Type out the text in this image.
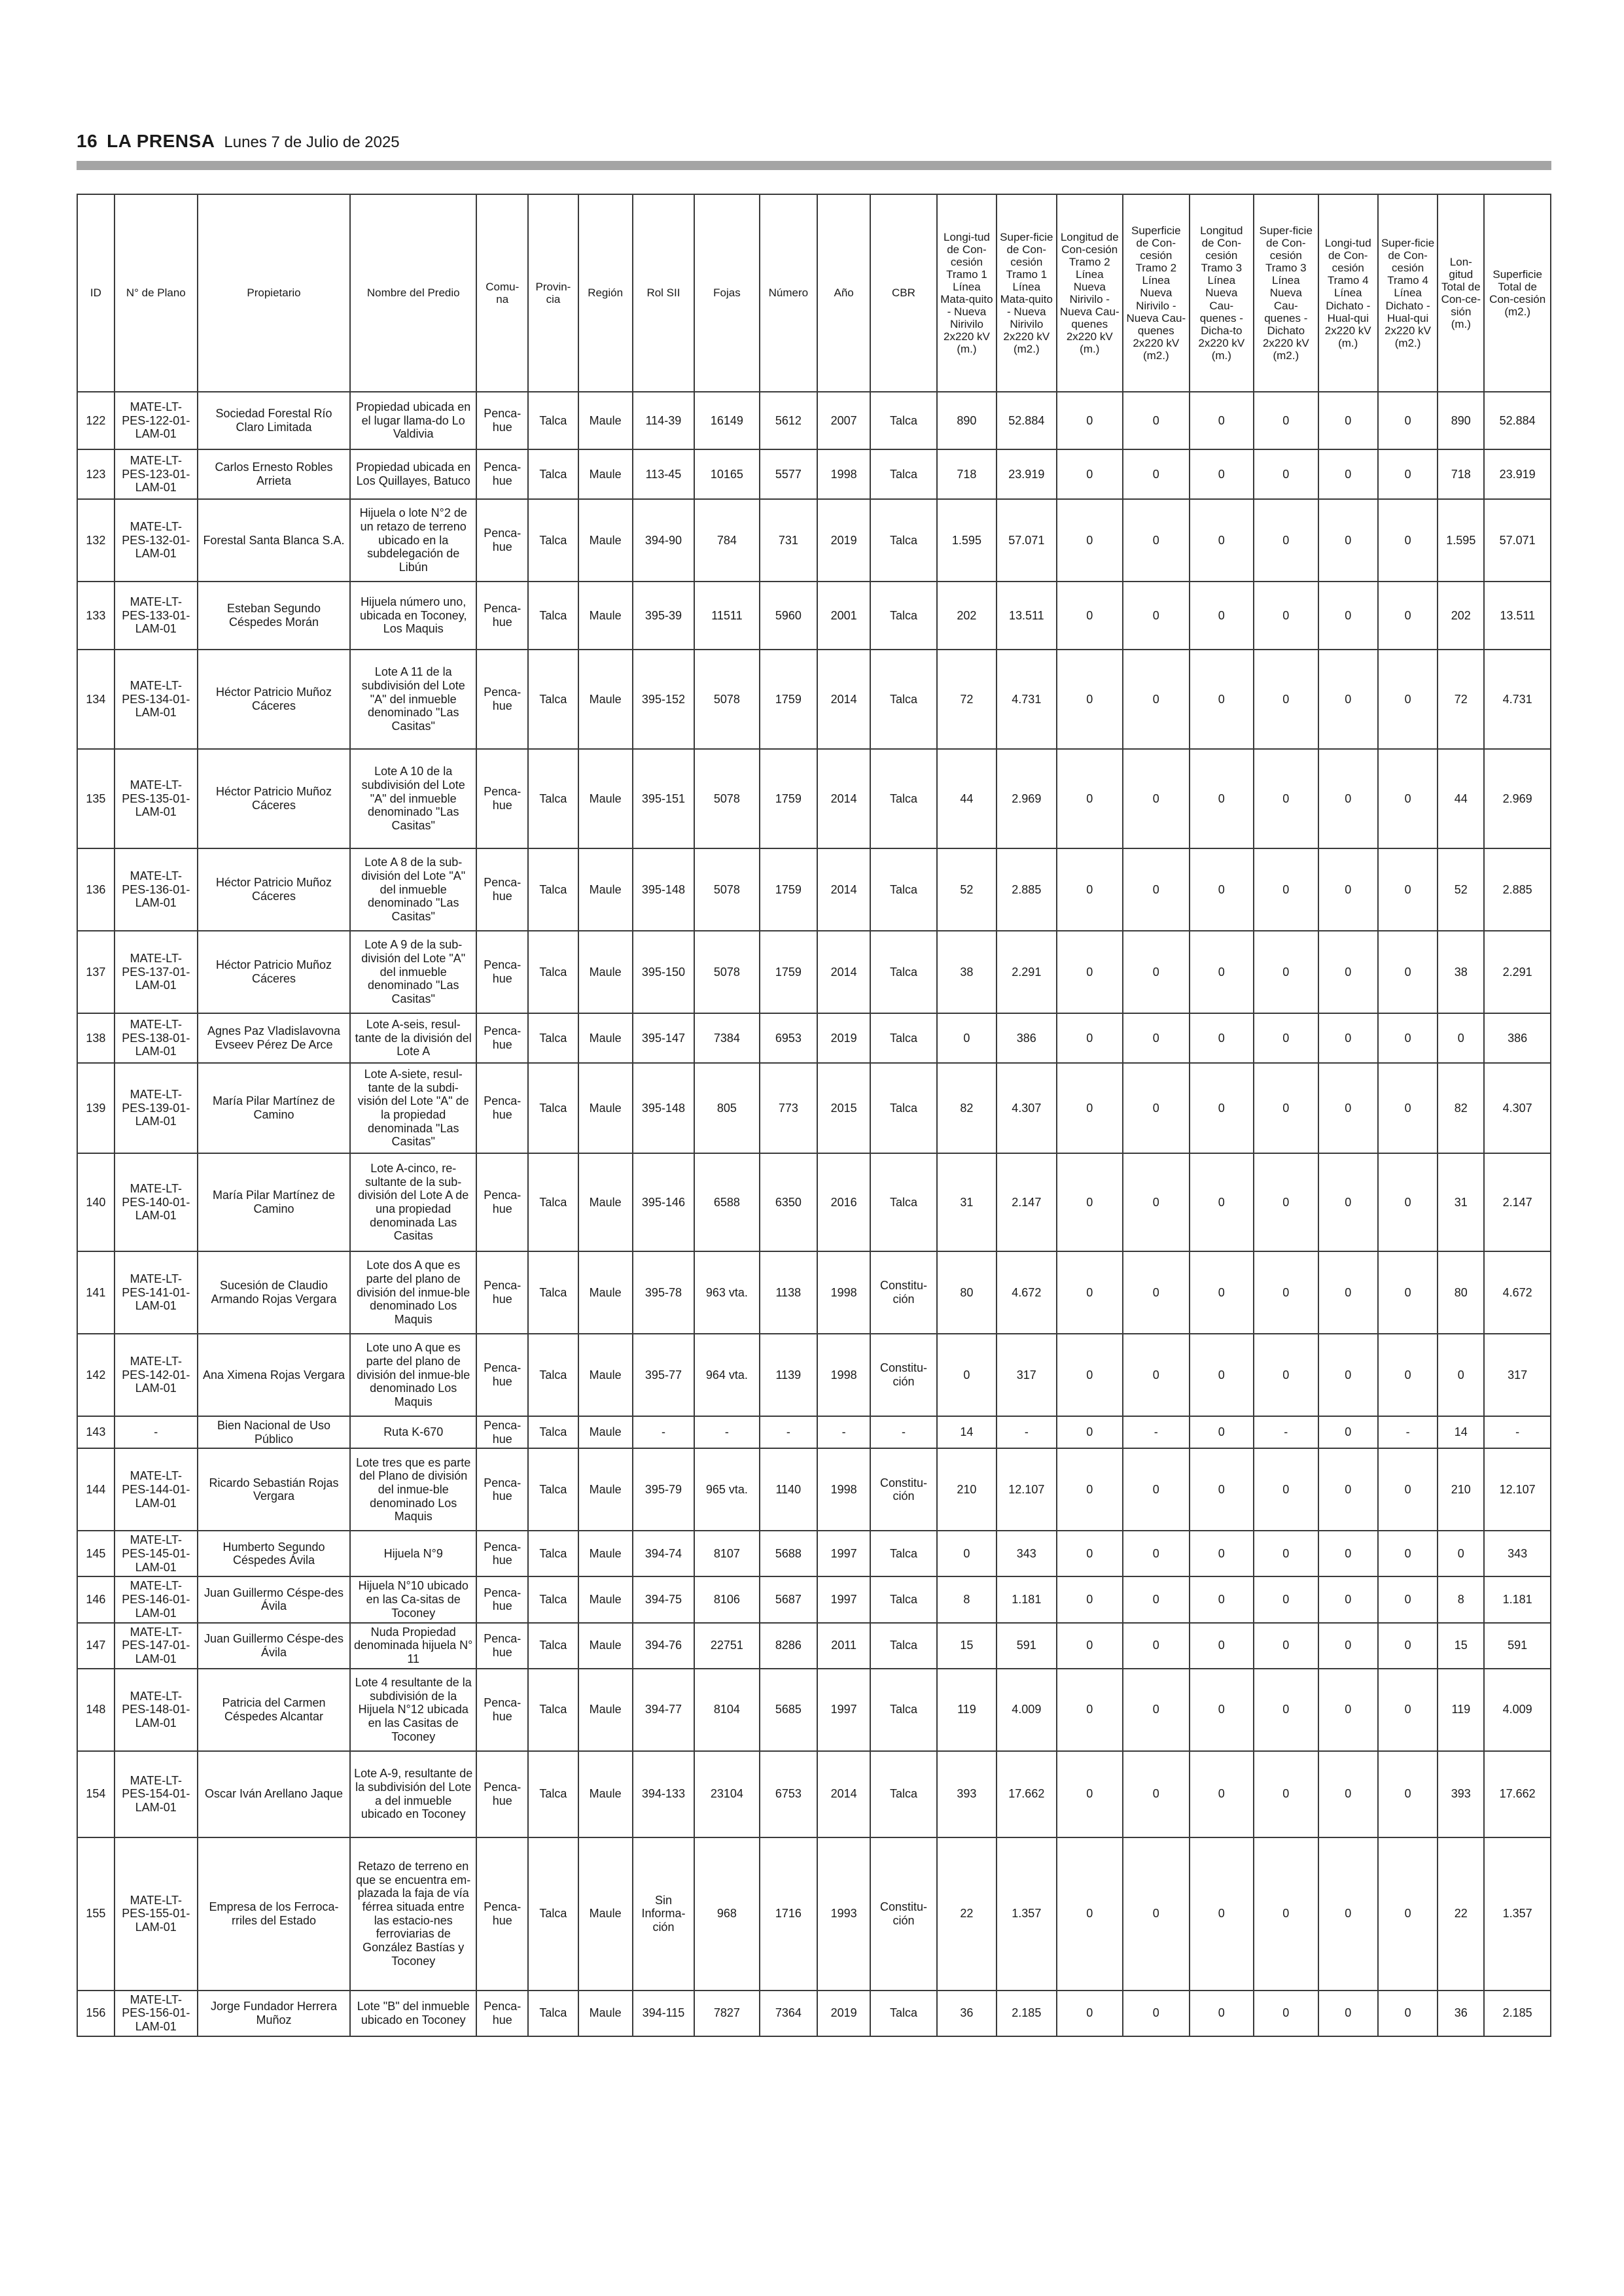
16 LA PRENSA Lunes 7 de Julio de 2025
ID	N° de Plano	Propietario	Nombre del Predio	Comu-na	Provin-cia	Región	Rol SII	Fojas	Número	Año	CBR	Longi-tud de Con-cesión Tramo 1 Línea Mata-quito - Nueva Nirivilo 2x220 kV (m.)	Super-ficie de Con-cesión Tramo 1 Línea Mata-quito - Nueva Nirivilo 2x220 kV (m2.)	Longitud de Con-cesión Tramo 2 Línea Nueva Nirivilo - Nueva Cau-quenes 2x220 kV (m.)	Superficie de Con-cesión Tramo 2 Línea Nueva Nirivilo - Nueva Cau-quenes 2x220 kV (m2.)	Longitud de Con-cesión Tramo 3 Línea Nueva Cau-quenes - Dicha-to 2x220 kV (m.)	Super-ficie de Con-cesión Tramo 3 Línea Nueva Cau-quenes - Dichato 2x220 kV (m2.)	Longi-tud de Con-cesión Tramo 4 Línea Dichato - Hual-qui 2x220 kV (m.)	Super-ficie de Con-cesión Tramo 4 Línea Dichato - Hual-qui 2x220 kV (m2.)	Lon-gitud Total de Con-ce-sión (m.)	Superficie Total de Con-cesión (m2.)
122	MATE-LT-PES-122-01-LAM-01	Sociedad Forestal Río Claro Limitada	Propiedad ubicada en el lugar llama-do Lo Valdivia	Penca-hue	Talca	Maule	114-39	16149	5612	2007	Talca	890	52.884	0	0	0	0	0	0	890	52.884
123	MATE-LT-PES-123-01-LAM-01	Carlos Ernesto Robles Arrieta	Propiedad ubicada en Los Quillayes, Batuco	Penca-hue	Talca	Maule	113-45	10165	5577	1998	Talca	718	23.919	0	0	0	0	0	0	718	23.919
132	MATE-LT-PES-132-01-LAM-01	Forestal Santa Blanca S.A.	Hijuela o lote N°2 de un retazo de terreno ubicado en la subdelegación de Libún	Penca-hue	Talca	Maule	394-90	784	731	2019	Talca	1.595	57.071	0	0	0	0	0	0	1.595	57.071
133	MATE-LT-PES-133-01-LAM-01	Esteban Segundo Céspedes Morán	Hijuela número uno, ubicada en Toconey, Los Maquis	Penca-hue	Talca	Maule	395-39	11511	5960	2001	Talca	202	13.511	0	0	0	0	0	0	202	13.511
134	MATE-LT-PES-134-01-LAM-01	Héctor Patricio Muñoz Cáceres	Lote A 11 de la subdivisión del Lote "A" del inmueble denominado "Las Casitas"	Penca-hue	Talca	Maule	395-152	5078	1759	2014	Talca	72	4.731	0	0	0	0	0	0	72	4.731
135	MATE-LT-PES-135-01-LAM-01	Héctor Patricio Muñoz Cáceres	Lote A 10 de la subdivisión del Lote "A" del inmueble denominado "Las Casitas"	Penca-hue	Talca	Maule	395-151	5078	1759	2014	Talca	44	2.969	0	0	0	0	0	0	44	2.969
136	MATE-LT-PES-136-01-LAM-01	Héctor Patricio Muñoz Cáceres	Lote A 8 de la sub-división del Lote "A" del inmueble denominado "Las Casitas"	Penca-hue	Talca	Maule	395-148	5078	1759	2014	Talca	52	2.885	0	0	0	0	0	0	52	2.885
137	MATE-LT-PES-137-01-LAM-01	Héctor Patricio Muñoz Cáceres	Lote A 9 de la sub-división del Lote "A" del inmueble denominado "Las Casitas"	Penca-hue	Talca	Maule	395-150	5078	1759	2014	Talca	38	2.291	0	0	0	0	0	0	38	2.291
138	MATE-LT-PES-138-01-LAM-01	Agnes Paz Vladislavovna Evseev Pérez De Arce	Lote A-seis, resul-tante de la división del Lote A	Penca-hue	Talca	Maule	395-147	7384	6953	2019	Talca	0	386	0	0	0	0	0	0	0	386
139	MATE-LT-PES-139-01-LAM-01	María Pilar Martínez de Camino	Lote A-siete, resul-tante de la subdi-visión del Lote "A" de la propiedad denominada "Las Casitas"	Penca-hue	Talca	Maule	395-148	805	773	2015	Talca	82	4.307	0	0	0	0	0	0	82	4.307
140	MATE-LT-PES-140-01-LAM-01	María Pilar Martínez de Camino	Lote A-cinco, re-sultante de la sub-división del Lote A de una propiedad denominada Las Casitas	Penca-hue	Talca	Maule	395-146	6588	6350	2016	Talca	31	2.147	0	0	0	0	0	0	31	2.147
141	MATE-LT-PES-141-01-LAM-01	Sucesión de Claudio Armando Rojas Vergara	Lote dos A que es parte del plano de división del inmue-ble denominado Los Maquis	Penca-hue	Talca	Maule	395-78	963 vta.	1138	1998	Constitu-ción	80	4.672	0	0	0	0	0	0	80	4.672
142	MATE-LT-PES-142-01-LAM-01	Ana Ximena Rojas Vergara	Lote uno A que es parte del plano de división del inmue-ble denominado Los Maquis	Penca-hue	Talca	Maule	395-77	964 vta.	1139	1998	Constitu-ción	0	317	0	0	0	0	0	0	0	317
143	-	Bien Nacional de Uso Público	Ruta K-670	Penca-hue	Talca	Maule	-	-	-	-	-	14	-	0	-	0	-	0	-	14	-
144	MATE-LT-PES-144-01-LAM-01	Ricardo Sebastián Rojas Vergara	Lote tres que es parte del Plano de división del inmue-ble denominado Los Maquis	Penca-hue	Talca	Maule	395-79	965 vta.	1140	1998	Constitu-ción	210	12.107	0	0	0	0	0	0	210	12.107
145	MATE-LT-PES-145-01-LAM-01	Humberto Segundo Céspedes Ávila	Hijuela N°9	Penca-hue	Talca	Maule	394-74	8107	5688	1997	Talca	0	343	0	0	0	0	0	0	0	343
146	MATE-LT-PES-146-01-LAM-01	Juan Guillermo Céspe-des Ávila	Hijuela N°10 ubicado en las Ca-sitas de Toconey	Penca-hue	Talca	Maule	394-75	8106	5687	1997	Talca	8	1.181	0	0	0	0	0	0	8	1.181
147	MATE-LT-PES-147-01-LAM-01	Juan Guillermo Céspe-des Ávila	Nuda Propiedad denominada hijuela N° 11	Penca-hue	Talca	Maule	394-76	22751	8286	2011	Talca	15	591	0	0	0	0	0	0	15	591
148	MATE-LT-PES-148-01-LAM-01	Patricia del Carmen Céspedes Alcantar	Lote 4 resultante de la subdivisión de la Hijuela N°12 ubicada en las Casitas de Toconey	Penca-hue	Talca	Maule	394-77	8104	5685	1997	Talca	119	4.009	0	0	0	0	0	0	119	4.009
154	MATE-LT-PES-154-01-LAM-01	Oscar Iván Arellano Jaque	Lote A-9, resultante de la subdivisión del Lote a del inmueble ubicado en Toconey	Penca-hue	Talca	Maule	394-133	23104	6753	2014	Talca	393	17.662	0	0	0	0	0	0	393	17.662
155	MATE-LT-PES-155-01-LAM-01	Empresa de los Ferroca-rriles del Estado	Retazo de terreno en que se encuentra em-plazada la faja de vía férrea situada entre las estacio-nes ferroviarias de González Bastías y Toconey	Penca-hue	Talca	Maule	Sin Informa-ción	968	1716	1993	Constitu-ción	22	1.357	0	0	0	0	0	0	22	1.357
156	MATE-LT-PES-156-01-LAM-01	Jorge Fundador Herrera Muñoz	Lote "B" del inmueble ubicado en Toconey	Penca-hue	Talca	Maule	394-115	7827	7364	2019	Talca	36	2.185	0	0	0	0	0	0	36	2.185
